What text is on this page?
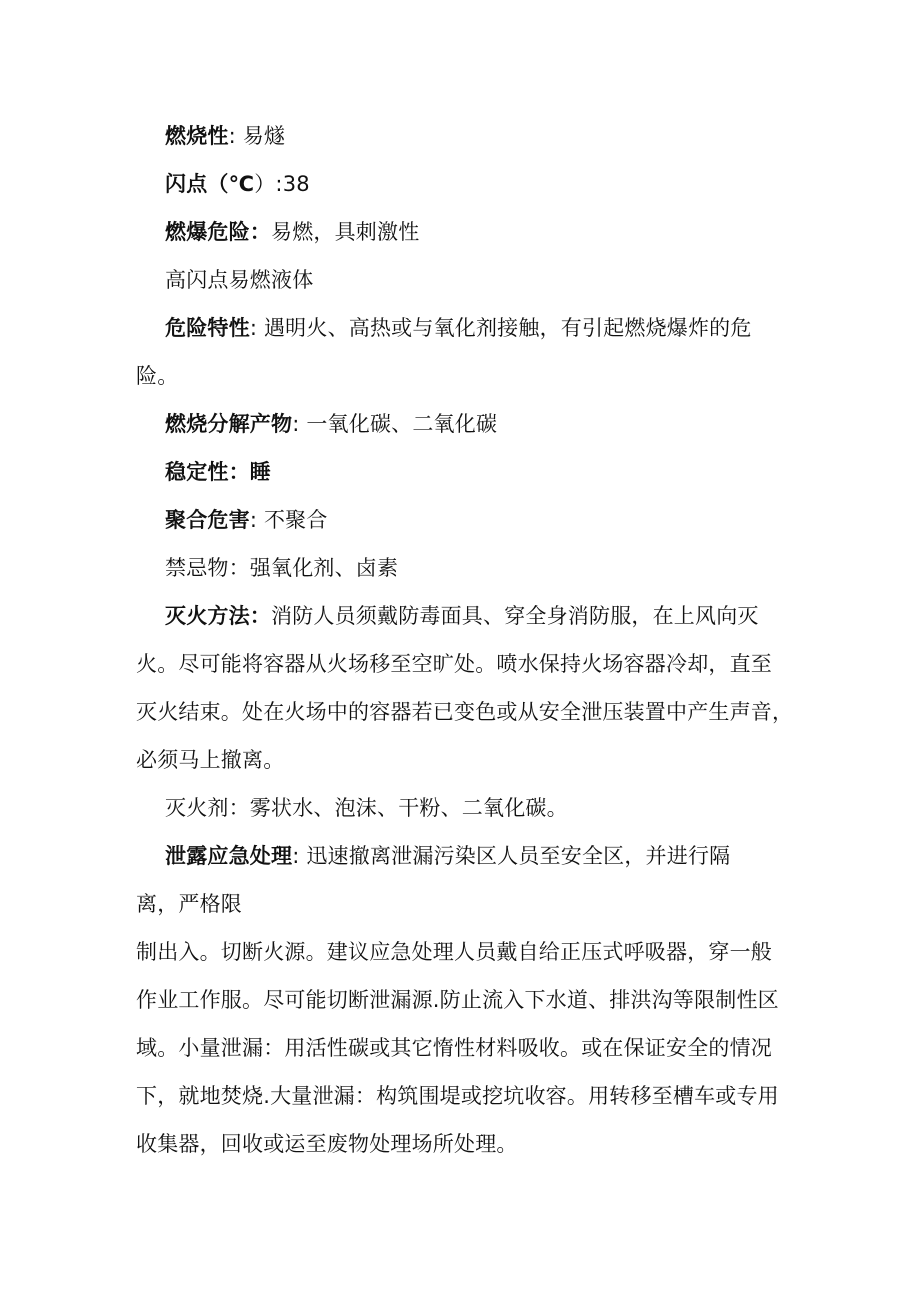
燃烧性: 易燧
闪点（℃）:38
燃爆危险：易燃，具刺激性
高闪点易燃液体
危险特性: 遇明火、高热或与氧化剂接触，有引起燃烧爆炸的危
险。
燃烧分解产物: 一氧化碳、二氧化碳
稳定性：睡
聚合危害: 不聚合
禁忌物：强氧化剂、卤素
灭火方法：消防人员须戴防毒面具、穿全身消防服，在上风向灭
火。尽可能将容器从火场移至空旷处。喷水保持火场容器冷却，直至
灭火结束。处在火场中的容器若已变色或从安全泄压装置中产生声音，
必须马上撤离。
灭火剂：雾状水、泡沫、干粉、二氧化碳。
泄露应急处理: 迅速撤离泄漏污染区人员至安全区，并进行隔
离，严格限
制出入。切断火源。建议应急处理人员戴自给正压式呼吸器，穿一般
作业工作服。尽可能切断泄漏源.防止流入下水道、排洪沟等限制性区
域。小量泄漏：用活性碳或其它惰性材料吸收。或在保证安全的情况
下，就地焚烧.大量泄漏：构筑围堤或挖坑收容。用转移至槽车或专用
收集器，回收或运至废物处理场所处理。
